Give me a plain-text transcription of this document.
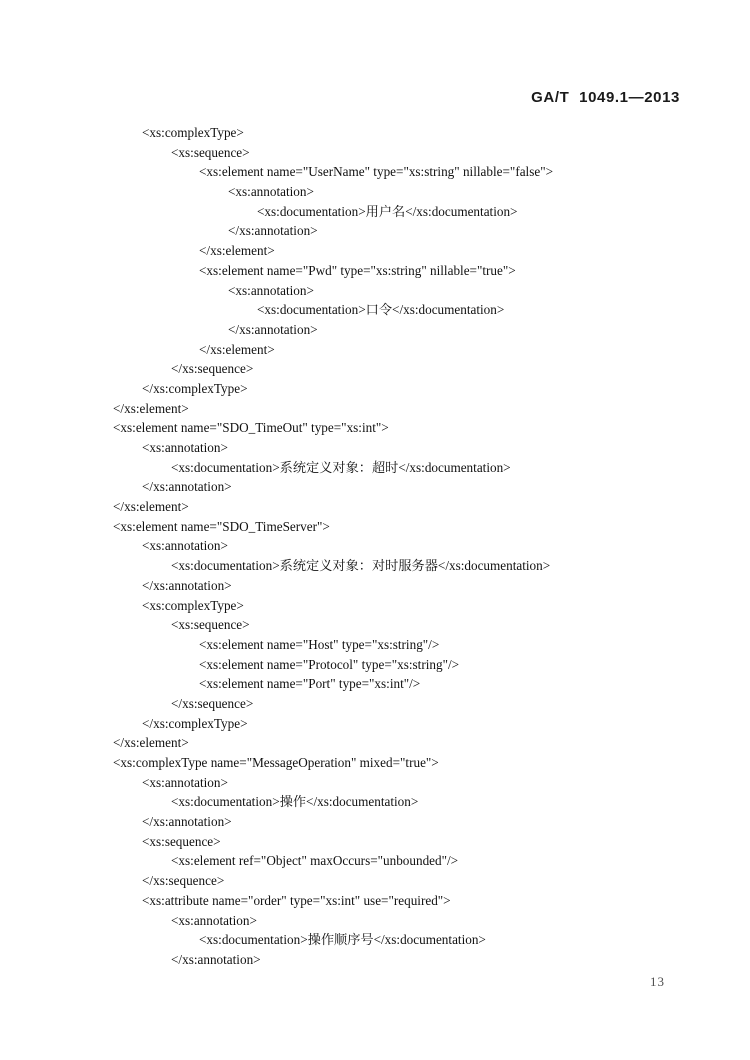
GA/T 1049.1—2013
<xs:complexType>
<xs:sequence>
<xs:element name="UserName" type="xs:string" nillable="false">
<xs:annotation>
<xs:documentation>用户名</xs:documentation>
</xs:annotation>
</xs:element>
<xs:element name="Pwd" type="xs:string" nillable="true">
<xs:annotation>
<xs:documentation>口令</xs:documentation>
</xs:annotation>
</xs:element>
</xs:sequence>
</xs:complexType>
</xs:element>
<xs:element name="SDO_TimeOut" type="xs:int">
<xs:annotation>
<xs:documentation>系统定义对象：超时</xs:documentation>
</xs:annotation>
</xs:element>
<xs:element name="SDO_TimeServer">
<xs:annotation>
<xs:documentation>系统定义对象：对时服务器</xs:documentation>
</xs:annotation>
<xs:complexType>
<xs:sequence>
<xs:element name="Host" type="xs:string"/>
<xs:element name="Protocol" type="xs:string"/>
<xs:element name="Port" type="xs:int"/>
</xs:sequence>
</xs:complexType>
</xs:element>
<xs:complexType name="MessageOperation" mixed="true">
<xs:annotation>
<xs:documentation>操作</xs:documentation>
</xs:annotation>
<xs:sequence>
<xs:element ref="Object" maxOccurs="unbounded"/>
</xs:sequence>
<xs:attribute name="order" type="xs:int" use="required">
<xs:annotation>
<xs:documentation>操作顺序号</xs:documentation>
</xs:annotation>
13
